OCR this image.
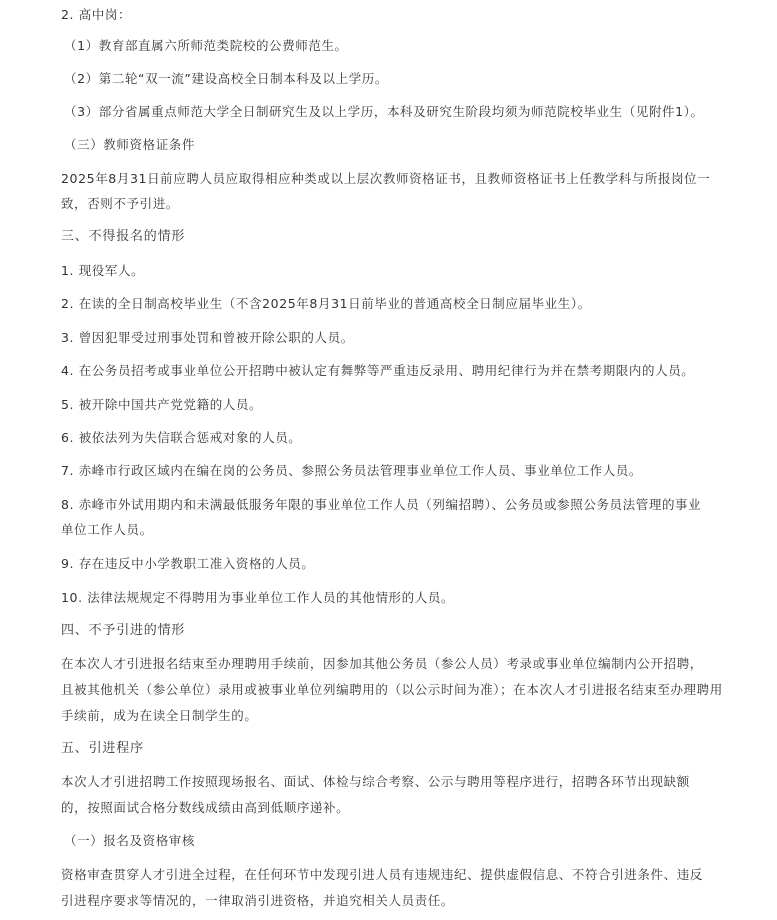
2. 高中岗：

（1）教育部直属六所师范类院校的公费师范生。

（2）第二轮“双一流”建设高校全日制本科及以上学历。

（3）部分省属重点师范大学全日制研究生及以上学历，本科及研究生阶段均须为师范院校毕业生（见附件1）。

（三）教师资格证条件

2025年8月31日前应聘人员应取得相应种类或以上层次教师资格证书，且教师资格证书上任教学科与所报岗位一

致，否则不予引进。

三、不得报名的情形

1. 现役军人。

2. 在读的全日制高校毕业生（不含2025年8月31日前毕业的普通高校全日制应届毕业生）。

3. 曾因犯罪受过刑事处罚和曾被开除公职的人员。

4. 在公务员招考或事业单位公开招聘中被认定有舞弊等严重违反录用、聘用纪律行为并在禁考期限内的人员。

5. 被开除中国共产党党籍的人员。

6. 被依法列为失信联合惩戒对象的人员。

7. 赤峰市行政区域内在编在岗的公务员、参照公务员法管理事业单位工作人员、事业单位工作人员。

8. 赤峰市外试用期内和未满最低服务年限的事业单位工作人员（列编招聘）、公务员或参照公务员法管理的事业

单位工作人员。

9. 存在违反中小学教职工准入资格的人员。

10. 法律法规规定不得聘用为事业单位工作人员的其他情形的人员。

四、不予引进的情形

在本次人才引进报名结束至办理聘用手续前，因参加其他公务员（参公人员）考录或事业单位编制内公开招聘，

且被其他机关（参公单位）录用或被事业单位列编聘用的（以公示时间为准）；在本次人才引进报名结束至办理聘用

手续前，成为在读全日制学生的。

五、引进程序

本次人才引进招聘工作按照现场报名、面试、体检与综合考察、公示与聘用等程序进行，招聘各环节出现缺额

的，按照面试合格分数线成绩由高到低顺序递补。

（一）报名及资格审核

资格审查贯穿人才引进全过程，在任何环节中发现引进人员有违规违纪、提供虚假信息、不符合引进条件、违反

引进程序要求等情况的，一律取消引进资格，并追究相关人员责任。
